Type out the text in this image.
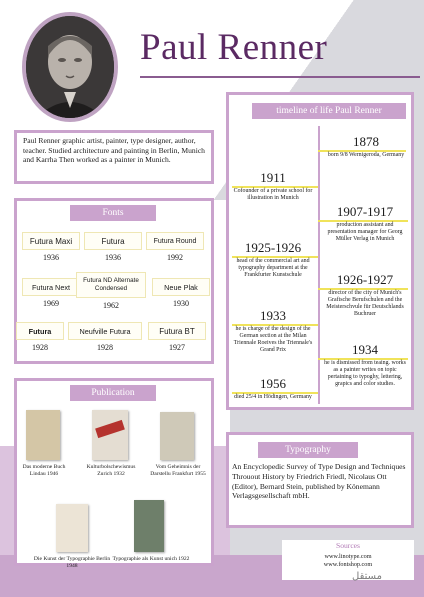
Paul Renner
Paul Renner graphic artist, painter, type designer, author, teacher. Studied architecture and painting in Berlin, Munich and Karrha Then worked as a painter in Munich.
Fonts
Futura Maxi
1936
Futura
1936
Futura Round
1992
Futura Next
1969
Futura ND Alternate Condensed
1962
Neue Plak
1930
Futura
1928
Neufville Futura
1928
Futura BT
1927
Publication
Das moderne Buch Lindau 1946
Kulturbolschewismus Zurich 1932
Vom Geheimnis der Darstellu Frankfurt 1955
Die Kunst der Typographie Berlin 1948
Typographie als Kunst unich 1922
timeline of life Paul Renner
1878
born 9/8 Wernigeroda, Germany
1907-1917
production assistant and presentation manager for Georg Müller Verlag in Munich
1926-1927
director of the city of Munich's Grafische Berufschulen and the Meisterschvule für Deutschlands Buchruer
1934
he is dismissed from teaing. works as a painter writes on topic pertaining to typoghy, lettering, grapics and color studies.
1911
Cofounder of a private school for illustration in Munich
1925-1926
head of the commercial art and typography department at the Frankfurter Kunstschule
1933
he is charge of the design of the German section at the Milan Triennale Roeives the Triennale's Grand Prix
1956
died 25/4 in Hödingen, Germany
Typography
An Encyclopedic Survey of Type Design and Techniques Throuout History by Friedrich Friedl, Nicolaus Ott (Editor), Bernard Stein, published by Könemann Verlagsgesellschaft mbH.
Sources
www.linotype.com
www.fontshop.com
مستقل
